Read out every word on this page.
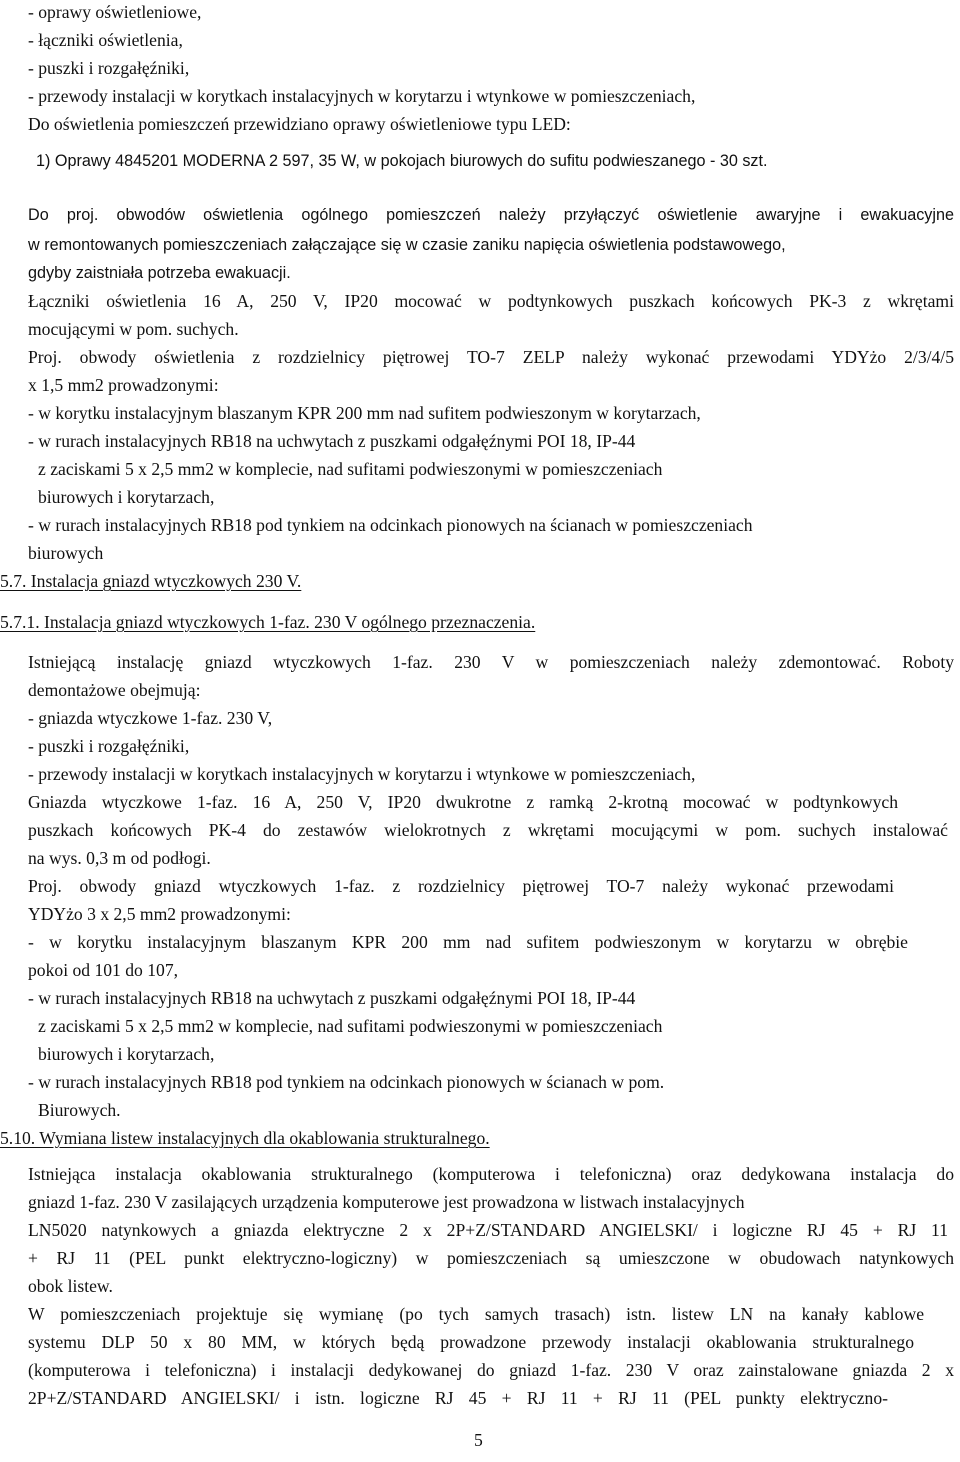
- oprawy oświetleniowe,
- łączniki oświetlenia,
- puszki i rozgałęźniki,
- przewody instalacji w korytkach instalacyjnych w korytarzu i wtynkowe w pomieszczeniach,
Do oświetlenia pomieszczeń przewidziano oprawy oświetleniowe typu LED:
1) Oprawy 4845201 MODERNA 2 597, 35 W, w pokojach biurowych do sufitu podwieszanego - 30 szt.
Do proj. obwodów oświetlenia ogólnego pomieszczeń należy przyłączyć oświetlenie awaryjne i ewakuacyjne
w remontowanych pomieszczeniach załączające się w czasie zaniku napięcia oświetlenia podstawowego,
gdyby zaistniała potrzeba ewakuacji.
Łączniki oświetlenia 16 A, 250 V, IP20 mocować w podtynkowych puszkach końcowych PK-3 z wkrętami
mocującymi w pom. suchych.
Proj. obwody oświetlenia z rozdzielnicy piętrowej TO-7 ZELP należy wykonać przewodami YDYżo 2/3/4/5
x 1,5 mm2 prowadzonymi:
- w korytku instalacyjnym blaszanym KPR 200 mm nad sufitem podwieszonym w korytarzach,
- w rurach instalacyjnych RB18 na uchwytach z puszkami odgałęźnymi POI 18, IP-44
z zaciskami 5 x 2,5 mm2 w komplecie, nad sufitami podwieszonymi w pomieszczeniach
biurowych i korytarzach,
- w rurach instalacyjnych RB18 pod tynkiem na odcinkach pionowych na ścianach w pomieszczeniach
biurowych
5.7. Instalacja gniazd wtyczkowych 230 V.
5.7.1. Instalacja gniazd wtyczkowych 1-faz. 230 V ogólnego przeznaczenia.
Istniejącą instalację gniazd wtyczkowych 1-faz. 230 V w pomieszczeniach należy zdemontować. Roboty
demontażowe obejmują:
- gniazda wtyczkowe 1-faz. 230 V,
- puszki i rozgałęźniki,
- przewody instalacji w korytkach instalacyjnych w korytarzu i wtynkowe w pomieszczeniach,
Gniazda wtyczkowe 1-faz. 16 A, 250 V, IP20 dwukrotne z ramką 2-krotną mocować w podtynkowych
puszkach końcowych PK-4 do zestawów wielokrotnych z wkrętami mocującymi w pom. suchych instalować
na wys. 0,3 m od podłogi.
Proj. obwody gniazd wtyczkowych 1-faz. z rozdzielnicy piętrowej TO-7 należy wykonać przewodami
YDYżo 3 x 2,5 mm2 prowadzonymi:
- w korytku instalacyjnym blaszanym KPR 200 mm nad sufitem podwieszonym w korytarzu w obrębie
pokoi od 101 do 107,
- w rurach instalacyjnych RB18 na uchwytach z puszkami odgałęźnymi POI 18, IP-44
z zaciskami 5 x 2,5 mm2 w komplecie, nad sufitami podwieszonymi w pomieszczeniach
biurowych i korytarzach,
- w rurach instalacyjnych RB18 pod tynkiem na odcinkach pionowych w ścianach w pom.
Biurowych.
5.10. Wymiana listew instalacyjnych dla okablowania strukturalnego.
Istniejąca instalacja okablowania strukturalnego (komputerowa i telefoniczna) oraz dedykowana instalacja do
gniazd 1-faz. 230 V zasilających urządzenia komputerowe jest prowadzona w listwach instalacyjnych
LN5020 natynkowych a gniazda elektryczne 2 x 2P+Z/STANDARD ANGIELSKI/ i logiczne RJ 45 + RJ 11
+ RJ 11 (PEL punkt elektryczno-logiczny) w pomieszczeniach są umieszczone w obudowach natynkowych
obok listew.
W pomieszczeniach projektuje się wymianę (po tych samych trasach) istn. listew LN na kanały kablowe
systemu DLP 50 x 80 MM, w których będą prowadzone przewody instalacji okablowania strukturalnego
(komputerowa i telefoniczna) i instalacji dedykowanej do gniazd 1-faz. 230 V oraz zainstalowane gniazda 2 x
2P+Z/STANDARD ANGIELSKI/ i istn. logiczne RJ 45 + RJ 11 + RJ 11 (PEL punkty elektryczno-
5
